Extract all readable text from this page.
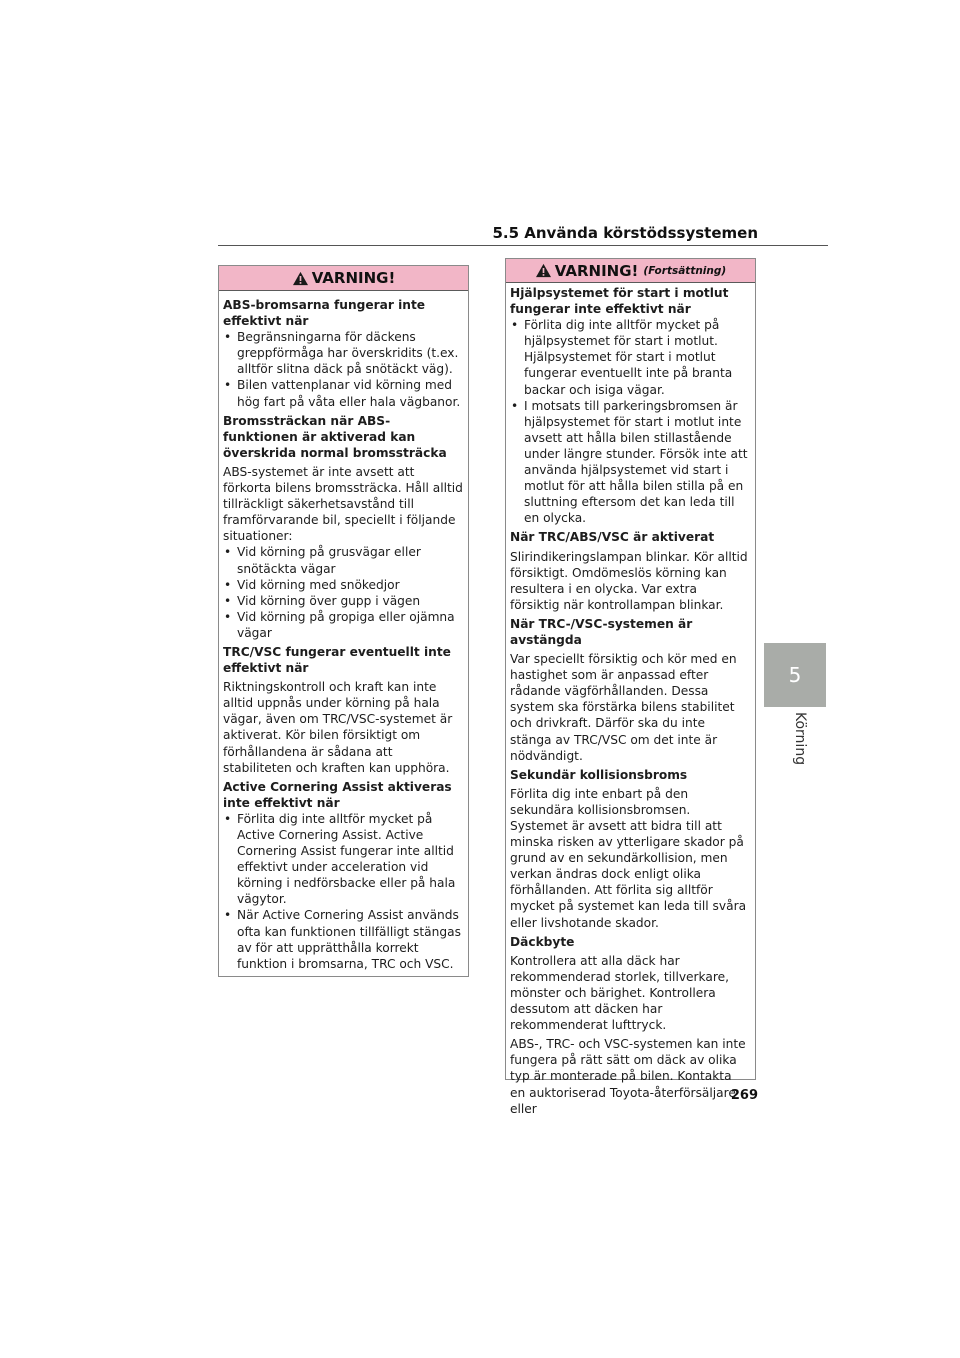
5.5 Använda körstödssystemen
5
Körning
269
VARNING!
ABS-bromsarna fungerar inte effektivt när
• Begränsningarna för däckens greppförmåga har överskridits (t.ex. alltför slitna däck på snötäckt väg).
• Bilen vattenplanar vid körning med hög fart på våta eller hala vägbanor.
Bromssträckan när ABS-funktionen är aktiverad kan överskrida normal bromssträcka

ABS-systemet är inte avsett att förkorta bilens bromssträcka. Håll alltid tillräckligt säkerhetsavstånd till framförvarande bil, speciellt i följande situationer:

• Vid körning på grusvägar eller snötäckta vägar
• Vid körning med snökedjor
• Vid körning över gupp i vägen
• Vid körning på gropiga eller ojämna vägar
TRC/VSC fungerar eventuellt inte effektivt när

Riktningskontroll och kraft kan inte alltid uppnås under körning på hala vägar, även om TRC/VSC-systemet är aktiverat. Kör bilen försiktigt om förhållandena är sådana att stabiliteten och kraften kan upphöra.

Active Cornering Assist aktiveras inte effektivt när
• Förlita dig inte alltför mycket på Active Cornering Assist. Active Cornering Assist fungerar inte alltid effektivt under acceleration vid körning i nedförsbacke eller på hala vägytor.
• När Active Cornering Assist används ofta kan funktionen tillfälligt stängas av för att upprätthålla korrekt funktion i bromsarna, TRC och VSC.
VARNING! (Fortsättning)
Hjälpsystemet för start i motlut fungerar inte effektivt när
• Förlita dig inte alltför mycket på hjälpsystemet för start i motlut. Hjälpsystemet för start i motlut fungerar eventuellt inte på branta backar och isiga vägar.
• I motsats till parkeringsbromsen är hjälpsystemet för start i motlut inte avsett att hålla bilen stillastående under längre stunder. Försök inte att använda hjälpsystemet vid start i motlut för att hålla bilen stilla på en sluttning eftersom det kan leda till en olycka.
När TRC/ABS/VSC är aktiverat

Slirindikeringslampan blinkar. Kör alltid försiktigt. Omdömeslös körning kan resultera i en olycka. Var extra försiktig när kontrollampan blinkar.

När TRC-/VSC-systemen är avstängda

Var speciellt försiktig och kör med en hastighet som är anpassad efter rådande vägförhållanden. Dessa system ska förstärka bilens stabilitet och drivkraft. Därför ska du inte stänga av TRC/VSC om det inte är nödvändigt.

Sekundär kollisionsbroms

Förlita dig inte enbart på den sekundära kollisionsbromsen. Systemet är avsett att bidra till att minska risken av ytterligare skador på grund av en sekundärkollision, men verkan ändras dock enligt olika förhållanden. Att förlita sig alltför mycket på systemet kan leda till svåra eller livshotande skador.

Däckbyte

Kontrollera att alla däck har rekommenderad storlek, tillverkare, mönster och bärighet. Kontrollera dessutom att däcken har rekommenderat lufttryck.

ABS-, TRC- och VSC-systemen kan inte fungera på rätt sätt om däck av olika typ är monterade på bilen. Kontakta en auktoriserad Toyota-återförsäljare eller
